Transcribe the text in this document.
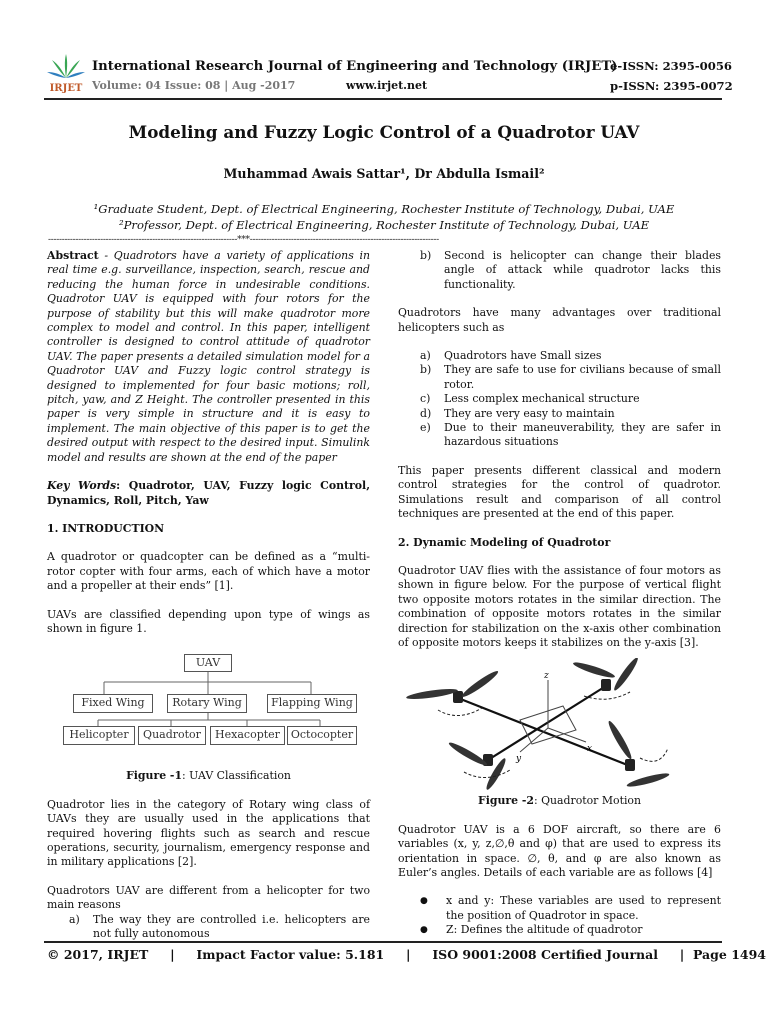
IRJET
International Research Journal of Engineering and Technology (IRJET)
Volume: 04 Issue: 08 | Aug -2017	www.irjet.net
e-ISSN: 2395-0056
p-ISSN: 2395-0072
Modeling and Fuzzy Logic Control of a Quadrotor UAV
Muhammad Awais Sattar¹, Dr Abdulla Ismail²
¹Graduate Student, Dept. of Electrical Engineering, Rochester Institute of Technology, Dubai, UAE
²Professor, Dept. of Electrical Engineering, Rochester Institute of Technology, Dubai, UAE
---------------------------------------------------------------------***---------------------------------------------------------------------

Abstract - Quadrotors have a variety of applications in real time e.g. surveillance, inspection, search, rescue and reducing the human force in undesirable conditions. Quadrotor UAV is equipped with four rotors for the purpose of stability but this will make quadrotor more complex to model and control. In this paper, intelligent controller is designed to control attitude of quadrotor UAV. The paper presents a detailed simulation model for a Quadrotor UAV and Fuzzy logic control strategy is designed to implemented for four basic motions; roll, pitch, yaw, and Z Height. The controller presented in this paper is very simple in structure and it is easy to implement. The main objective of this paper is to get the desired output with respect to the desired input. Simulink model and results are shown at the end of the paper

Key Words: Quadrotor, UAV, Fuzzy logic Control, Dynamics, Roll, Pitch, Yaw

1. INTRODUCTION

A quadrotor or quadcopter can be defined as a “multi-rotor copter with four arms, each of which have a motor and a propeller at their ends” [1].

UAVs are classified depending upon type of wings as shown in figure 1.

UAV
Fixed Wing	Rotary Wing	Flapping Wing
Helicopter	Quadrotor	Hexacopter Octocopter

Figure -1: UAV Classification

Quadrotor lies in the category of Rotary wing class of UAVs they are usually used in the applications that required hovering flights such as search and rescue operations, security, journalism, emergency response and in military applications [2].

Quadrotors UAV are different from a helicopter for two main reasons

a) The way they are controlled i.e. helicopters are not fully autonomous
b) Second is helicopter can change their blades angle of attack while quadrotor lacks this functionality.

Quadrotors have many advantages over traditional helicopters such as

a) Quadrotors have Small sizes
b) They are safe to use for civilians because of small rotor.
c) Less complex mechanical structure
d) They are very easy to maintain
e) Due to their maneuverability, they are safer in hazardous situations

This paper presents different classical and modern control strategies for the control of quadrotor. Simulations result and comparison of all control techniques are presented at the end of this paper.

2. Dynamic Modeling of Quadrotor

Quadrotor UAV flies with the assistance of four motors as shown in figure below. For the purpose of vertical flight two opposite motors rotates in the similar direction. The combination of opposite motors rotates in the similar direction for stabilization on the x-axis other combination of opposite motors keeps it stabilizes on the y-axis [3].

z
y
x

Figure -2: Quadrotor Motion

Quadrotor UAV is a 6 DOF aircraft, so there are 6 variables (x, y, z,∅,θ and φ) that are used to express its orientation in space. ∅, θ, and φ are also known as Euler’s angles. Details of each variable are as follows [4]

● x and y: These variables are used to represent the position of Quadrotor in space.
● Z: Defines the altitude of quadrotor
© 2017, IRJET     |     Impact Factor value: 5.181     |     ISO 9001:2008 Certified Journal     |  Page 1494
